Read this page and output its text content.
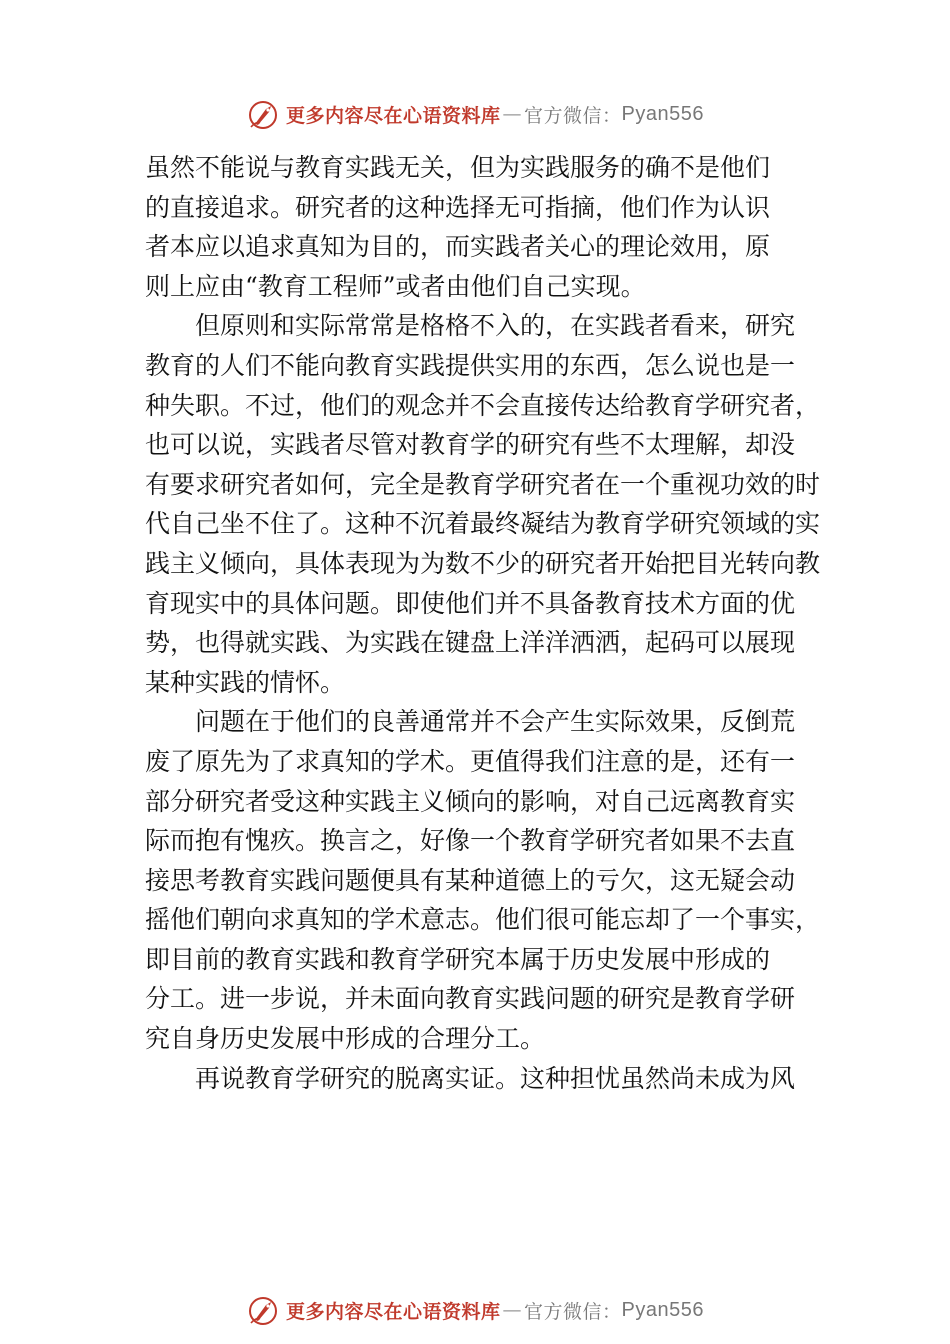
更多内容尽在心语资料库 — 官方微信： Pyan556
虽然不能说与教育实践无关，但为实践服务的确不是他们
的直接追求。研究者的这种选择无可指摘，他们作为认识
者本应以追求真知为目的，而实践者关心的理论效用，原
则上应由“教育工程师”或者由他们自己实现。
但原则和实际常常是格格不入的，在实践者看来，研究
教育的人们不能向教育实践提供实用的东西，怎么说也是一
种失职。不过，他们的观念并不会直接传达给教育学研究者，
也可以说，实践者尽管对教育学的研究有些不太理解，却没
有要求研究者如何，完全是教育学研究者在一个重视功效的时
代自己坐不住了。这种不沉着最终凝结为教育学研究领域的实
践主义倾向，具体表现为为数不少的研究者开始把目光转向教
育现实中的具体问题。即使他们并不具备教育技术方面的优
势，也得就实践、为实践在键盘上洋洋洒洒，起码可以展现
某种实践的情怀。
问题在于他们的良善通常并不会产生实际效果，反倒荒
废了原先为了求真知的学术。更值得我们注意的是，还有一
部分研究者受这种实践主义倾向的影响，对自己远离教育实
际而抱有愧疚。换言之，好像一个教育学研究者如果不去直
接思考教育实践问题便具有某种道德上的亏欠，这无疑会动
摇他们朝向求真知的学术意志。他们很可能忘却了一个事实，
即目前的教育实践和教育学研究本属于历史发展中形成的
分工。进一步说，并未面向教育实践问题的研究是教育学研
究自身历史发展中形成的合理分工。
再说教育学研究的脱离实证。这种担忧虽然尚未成为风
更多内容尽在心语资料库 — 官方微信： Pyan556
